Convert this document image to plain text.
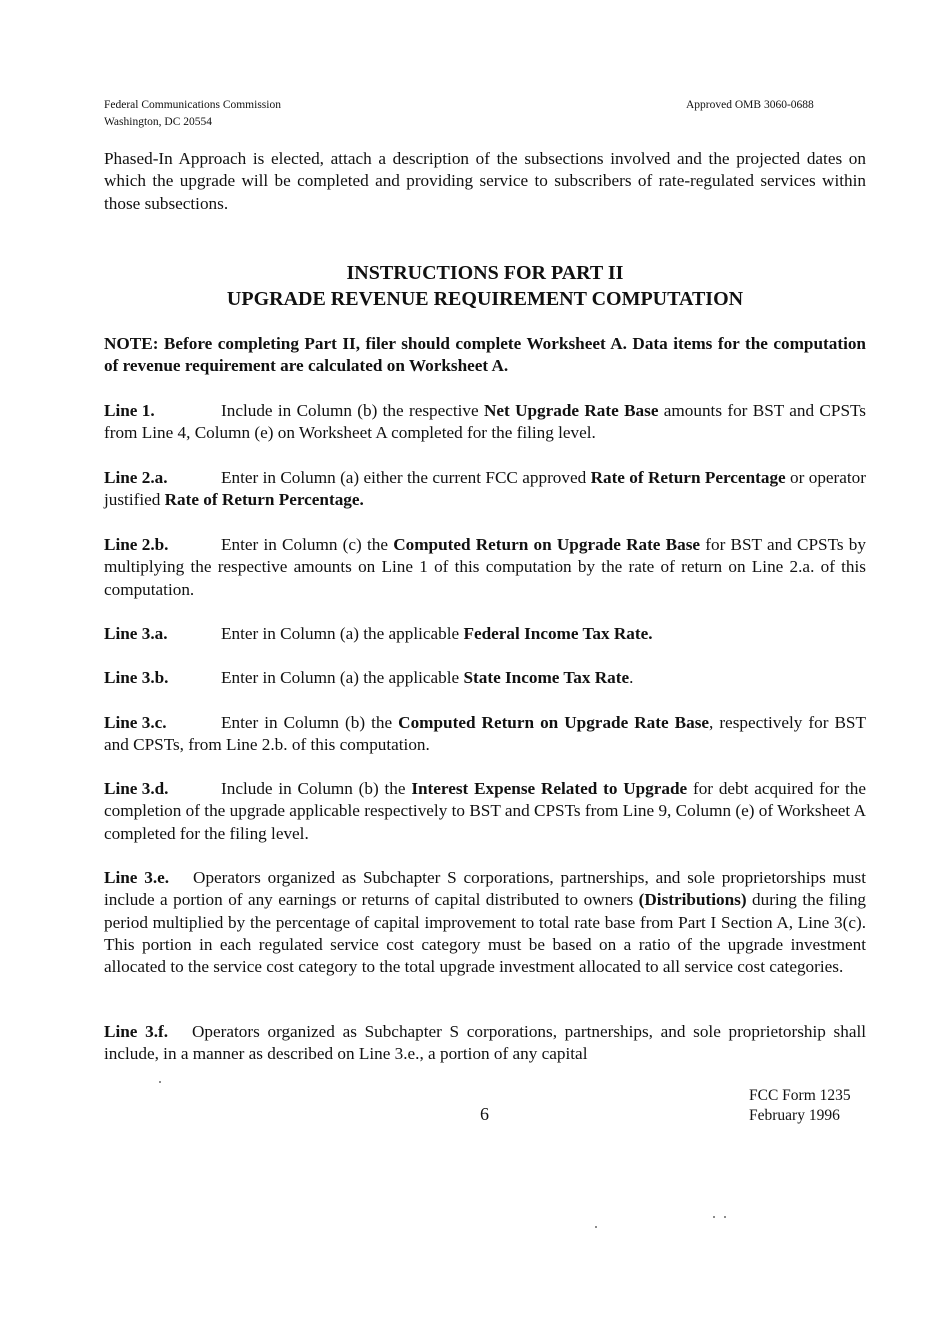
Federal Communications Commission
Washington, DC 20554
Approved OMB 3060-0688
Phased-In Approach is elected, attach a description of the subsections involved and the projected dates on which the upgrade will be completed and providing service to subscribers of rate-regulated services within those subsections.
INSTRUCTIONS FOR PART II
UPGRADE REVENUE REQUIREMENT COMPUTATION
NOTE: Before completing Part II, filer should complete Worksheet A. Data items for the computation of revenue requirement are calculated on Worksheet A.
Line 1.	Include in Column (b) the respective Net Upgrade Rate Base amounts for BST and CPSTs from Line 4, Column (e) on Worksheet A completed for the filing level.
Line 2.a.	Enter in Column (a) either the current FCC approved Rate of Return Percentage or operator justified Rate of Return Percentage.
Line 2.b.	Enter in Column (c) the Computed Return on Upgrade Rate Base for BST and CPSTs by multiplying the respective amounts on Line 1 of this computation by the rate of return on Line 2.a. of this computation.
Line 3.a.	Enter in Column (a) the applicable Federal Income Tax Rate.
Line 3.b.	Enter in Column (a) the applicable State Income Tax Rate.
Line 3.c.	Enter in Column (b) the Computed Return on Upgrade Rate Base, respectively for BST and CPSTs, from Line 2.b. of this computation.
Line 3.d.	Include in Column (b) the Interest Expense Related to Upgrade for debt acquired for the completion of the upgrade applicable respectively to BST and CPSTs from Line 9, Column (e) of Worksheet A completed for the filing level.
Line 3.e. Operators organized as Subchapter S corporations, partnerships, and sole proprietorships must include a portion of any earnings or returns of capital distributed to owners (Distributions) during the filing period multiplied by the percentage of capital improvement to total rate base from Part I Section A, Line 3(c). This portion in each regulated service cost category must be based on a ratio of the upgrade investment allocated to the service cost category to the total upgrade investment allocated to all service cost categories.
Line 3.f. Operators organized as Subchapter S corporations, partnerships, and sole proprietorship shall include, in a manner as described on Line 3.e., a portion of any capital
FCC Form 1235
February 1996
6
